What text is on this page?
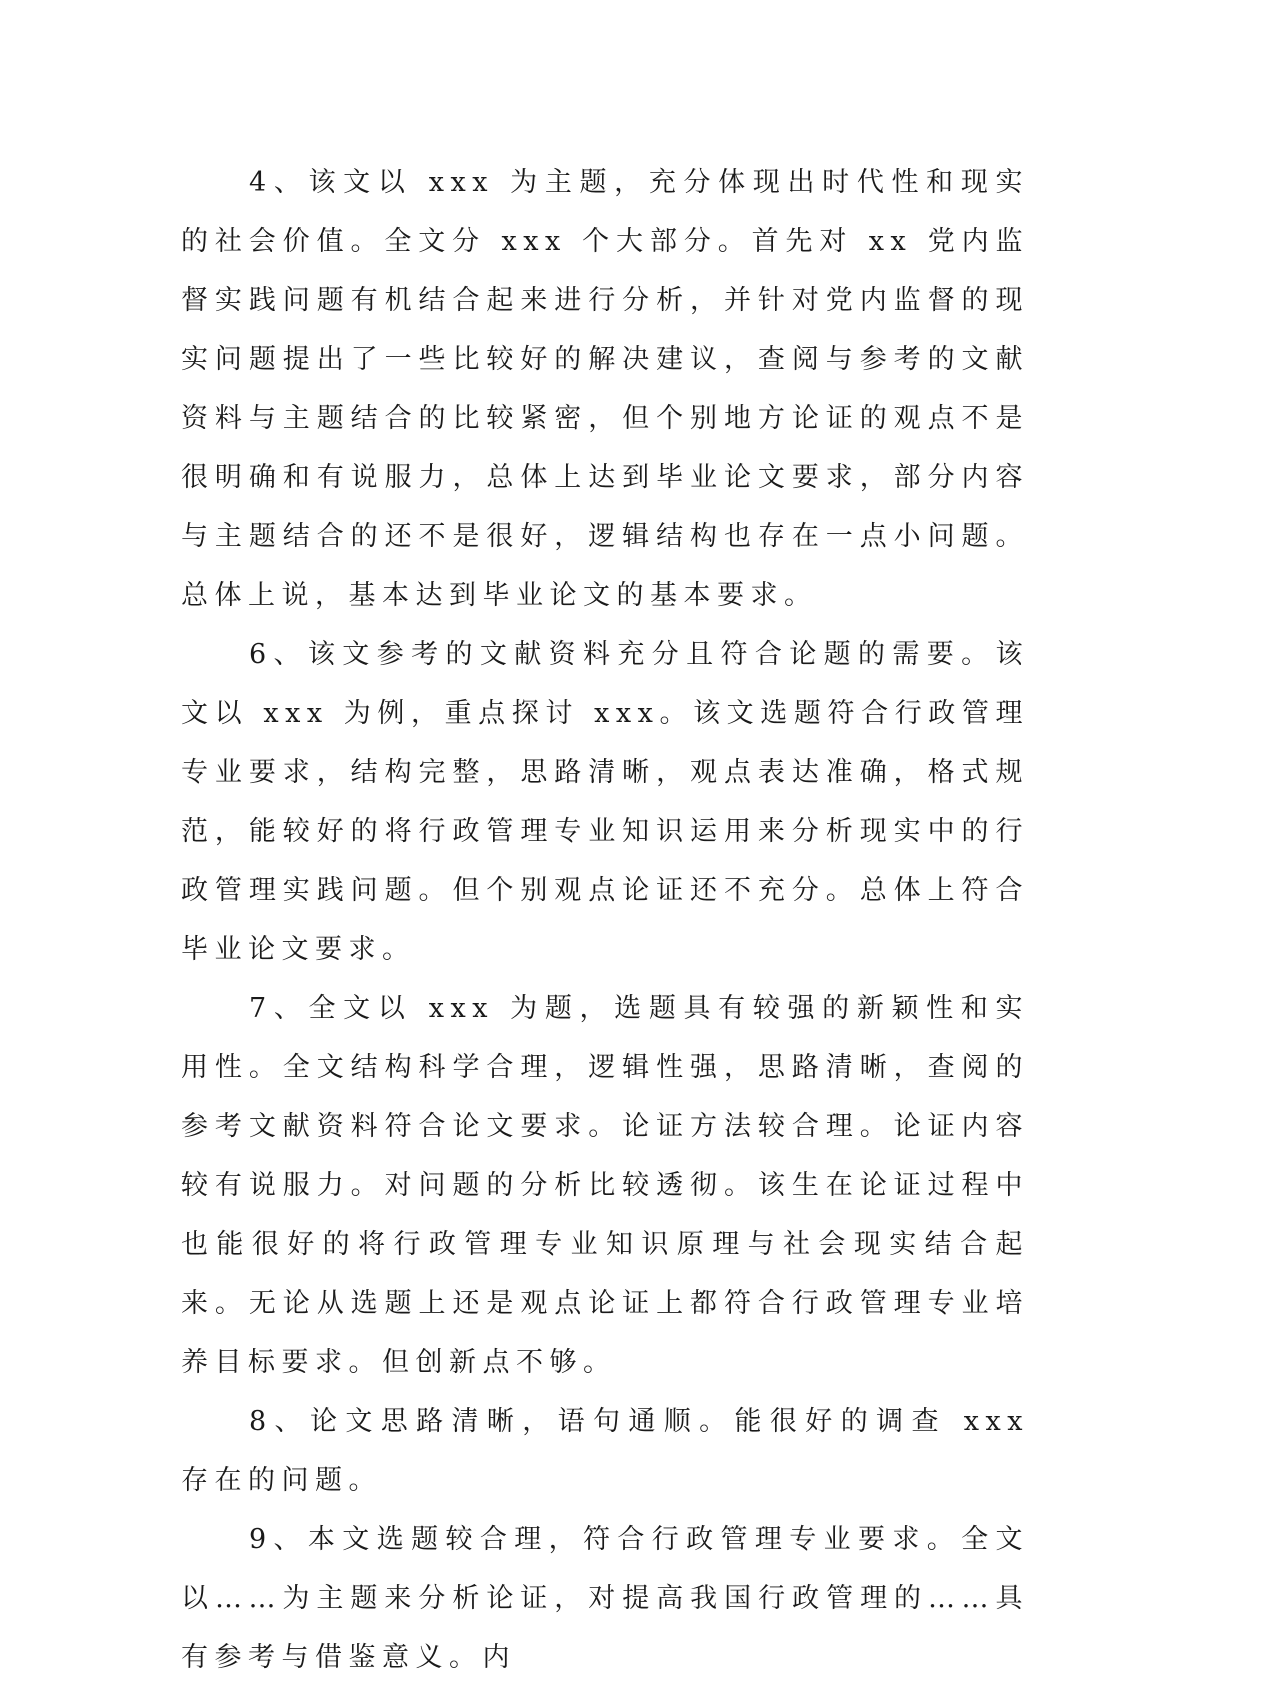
4、该文以 xxx 为主题，充分体现出时代性和现实的社会价值。全文分 xxx 个大部分。首先对 xx 党内监督实践问题有机结合起来进行分析，并针对党内监督的现实问题提出了一些比较好的解决建议，查阅与参考的文献资料与主题结合的比较紧密，但个别地方论证的观点不是很明确和有说服力，总体上达到毕业论文要求，部分内容与主题结合的还不是很好，逻辑结构也存在一点小问题。总体上说，基本达到毕业论文的基本要求。

6、该文参考的文献资料充分且符合论题的需要。该文以 xxx 为例，重点探讨 xxx。该文选题符合行政管理专业要求，结构完整，思路清晰，观点表达准确，格式规范，能较好的将行政管理专业知识运用来分析现实中的行政管理实践问题。但个别观点论证还不充分。总体上符合毕业论文要求。

7、全文以 xxx 为题，选题具有较强的新颖性和实用性。全文结构科学合理，逻辑性强，思路清晰，查阅的参考文献资料符合论文要求。论证方法较合理。论证内容较有说服力。对问题的分析比较透彻。该生在论证过程中也能很好的将行政管理专业知识原理与社会现实结合起来。无论从选题上还是观点论证上都符合行政管理专业培养目标要求。但创新点不够。

8、论文思路清晰，语句通顺。能很好的调查 xxx 存在的问题。

9、本文选题较合理，符合行政管理专业要求。全文以……为主题来分析论证，对提高我国行政管理的……具有参考与借鉴意义。内
